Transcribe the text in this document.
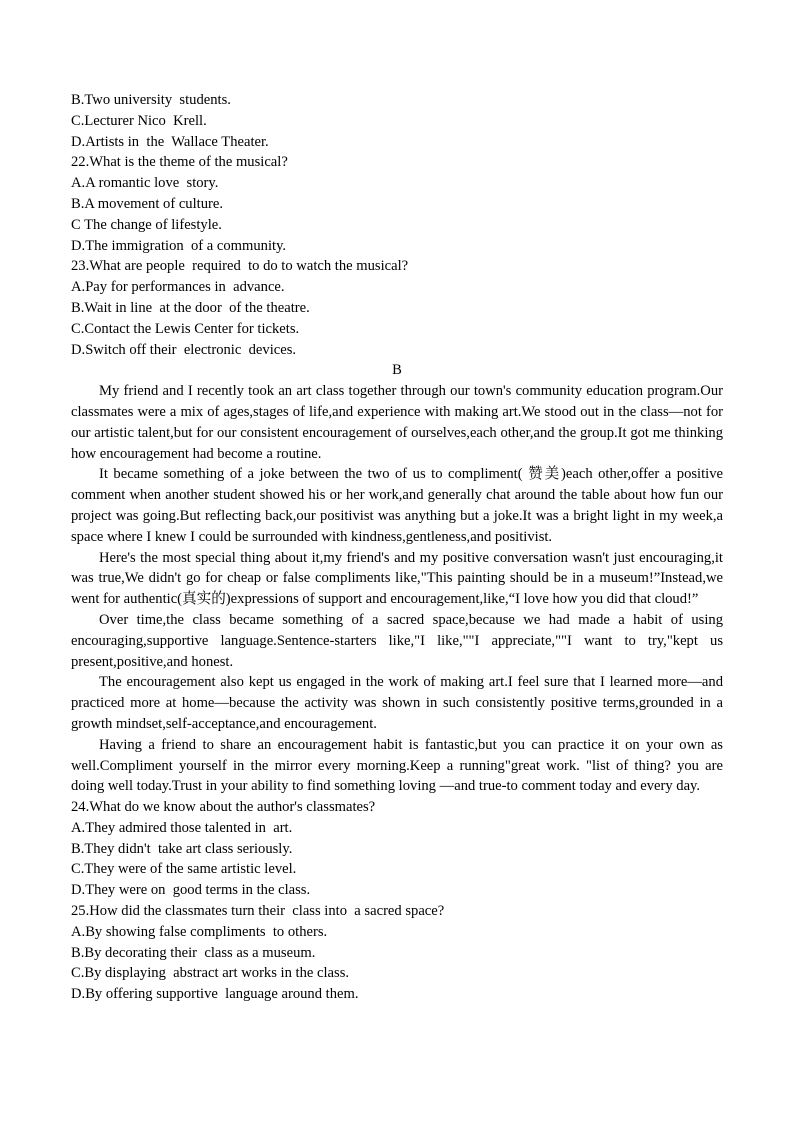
B.Two university  students.
C.Lecturer Nico  Krell.
D.Artists in  the  Wallace Theater.
22.What is the theme of the musical?
A.A romantic love  story.
B.A movement of culture.
C The change of lifestyle.
D.The immigration  of a community.
23.What are people  required  to do to watch the musical?
A.Pay for performances in  advance.
B.Wait in line  at the door  of the theatre.
C.Contact the Lewis Center for tickets.
D.Switch off their  electronic  devices.
B

My friend and I recently took an art class together through our town's community education program.Our classmates were a mix of ages,stages of life,and experience with making art.We stood out in the class—not for our artistic talent,but for our consistent encouragement of ourselves,each other,and the group.It got me thinking how encouragement had become a routine.

It became something of a joke between the two of us to compliment( 赞美)each other,offer a positive comment when another student showed his or her work,and generally chat around the table about how fun our project was going.But reflecting back,our positivist was anything but a joke.It was a bright light in my week,a space where I knew I could be surrounded with kindness,gentleness,and positivist.

Here's the most special thing about it,my friend's and my positive conversation wasn't just encouraging,it was true,We didn't go for cheap or false compliments like,"This painting should be in a museum!”Instead,we went for authentic(真实的)expressions of support and encouragement,like,“I love how you did that cloud!”

Over time,the class became something of a sacred space,because we had made a habit of using encouraging,supportive language.Sentence-starters like,"I like,""I appreciate,""I want to try,"kept us present,positive,and honest.

The encouragement also kept us engaged in the work of making art.I feel sure that I learned more—and practiced more at home—because the activity was shown in such consistently positive terms,grounded in a growth mindset,self-acceptance,and encouragement.

Having a friend to share an encouragement habit is fantastic,but you can practice it on your own as well.Compliment yourself in the mirror every morning.Keep a running"great work. "list of thing? you are doing well today.Trust in your ability to find something loving —and true-to comment today and every day.

24.What do we know about the author's classmates?
A.They admired those talented in  art.
B.They didn't  take art class seriously.
C.They were of the same artistic level.
D.They were on  good terms in the class.
25.How did the classmates turn their  class into  a sacred space?
A.By showing false compliments  to others.
B.By decorating their  class as a museum.
C.By displaying  abstract art works in the class.
D.By offering supportive  language around them.
